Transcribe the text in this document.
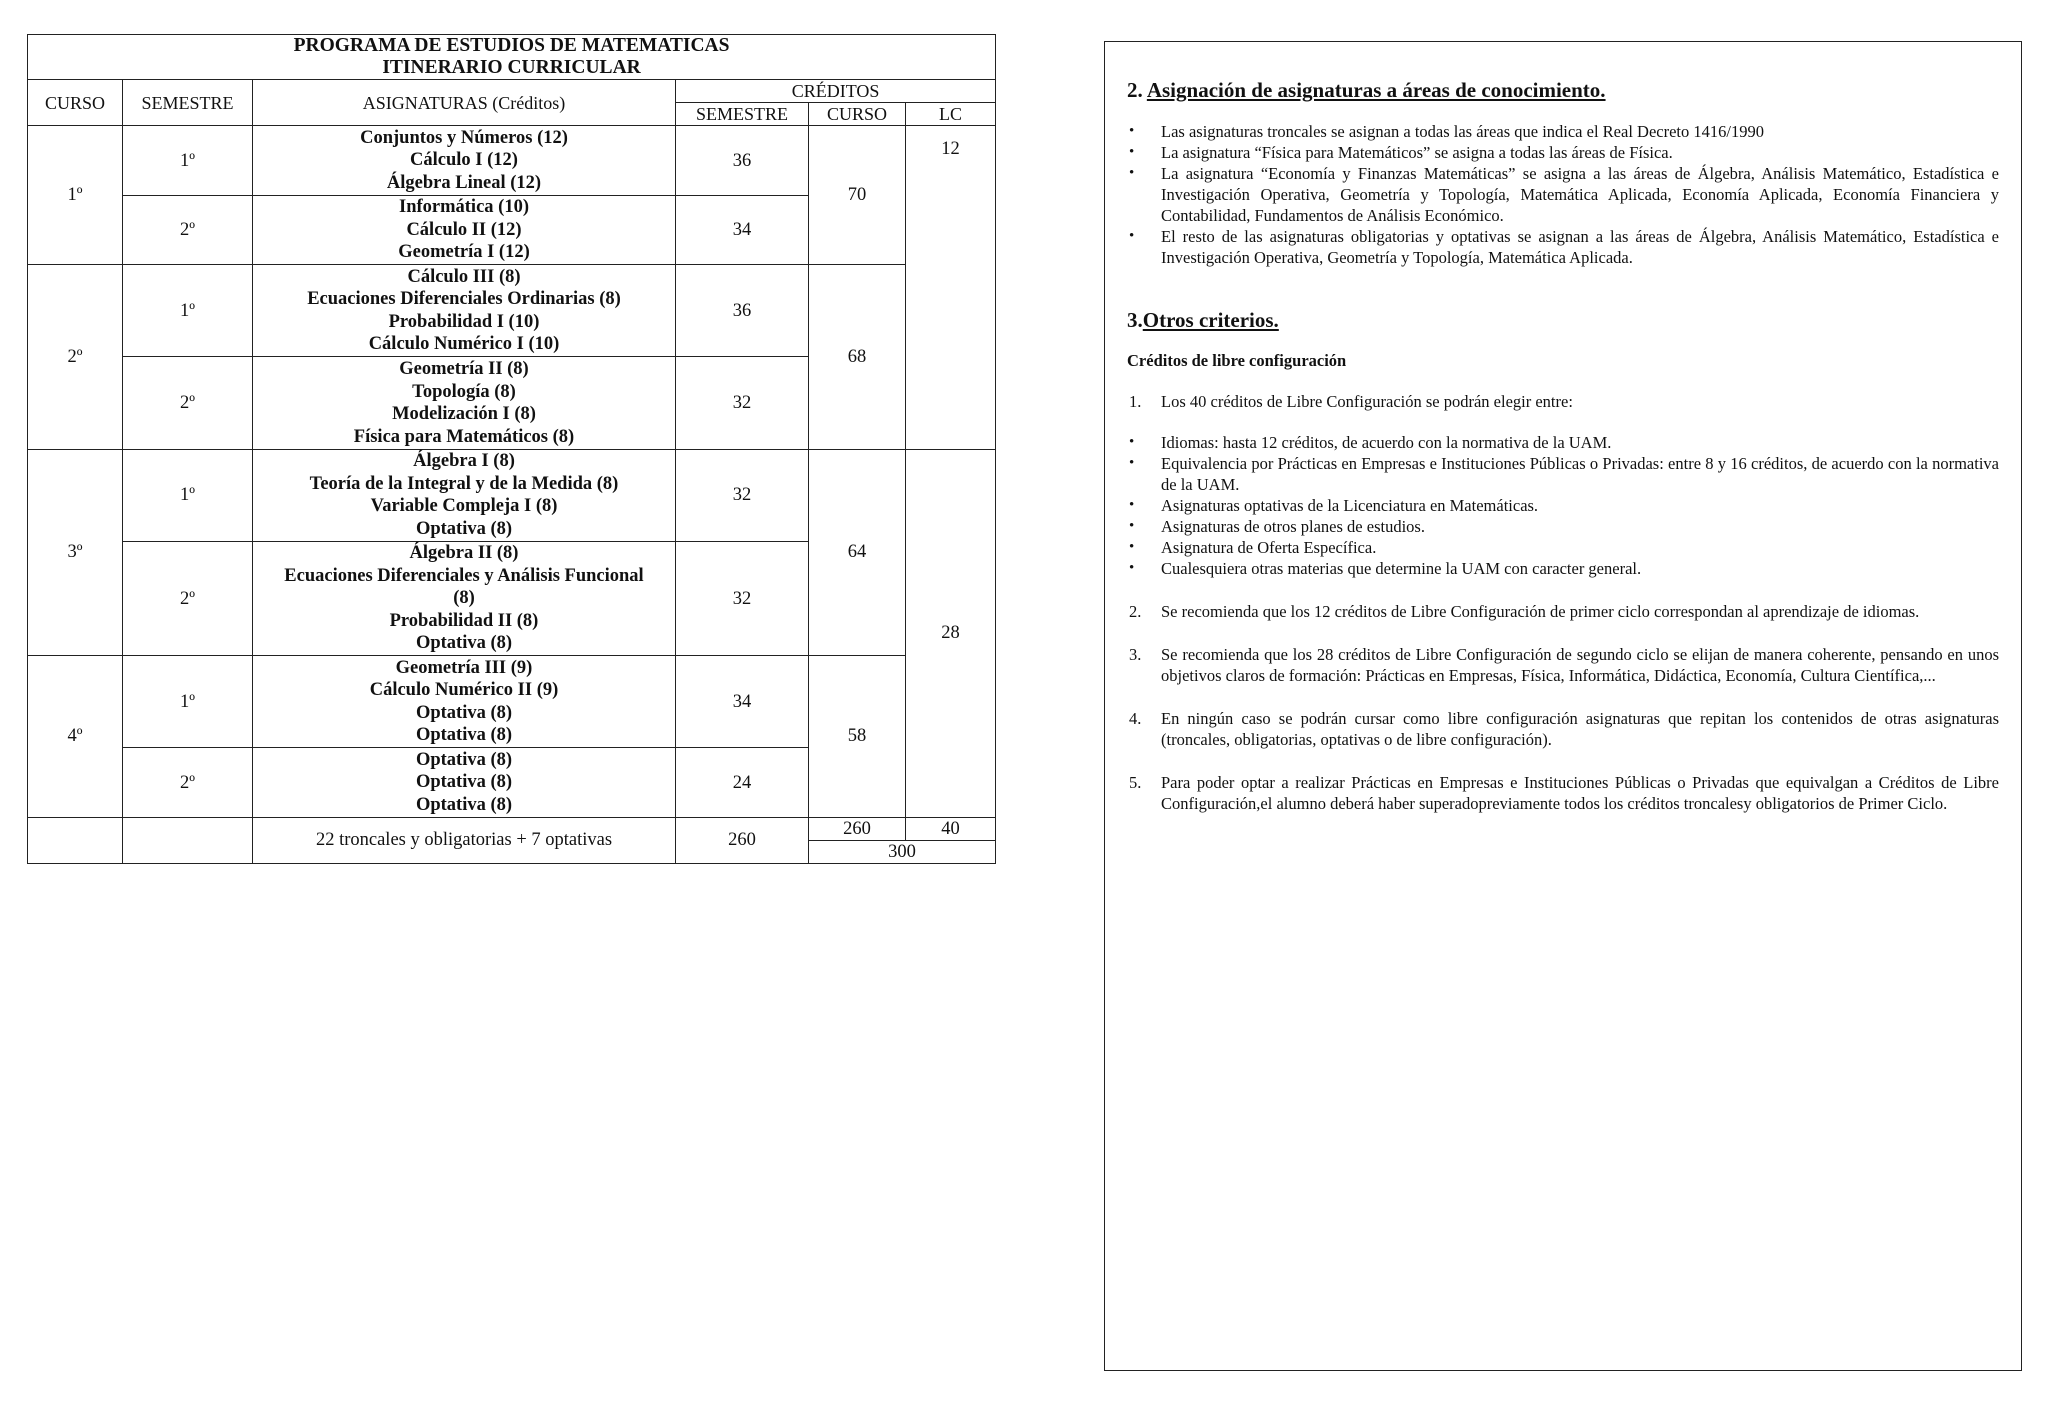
PROGRAMA DE ESTUDIOS DE MATEMATICAS
ITINERARIO CURRICULAR					

CURSO	SEMESTRE	ASIGNATURAS (Créditos)	CRÉDITOS		
			SEMESTRE	CURSO	LC
1º	1º	Conjuntos y Números (12)
Cálculo I (12)
Álgebra Lineal (12)	36	70	12
	2º	Informática (10)
Cálculo II (12)
Geometría I (12)	34		
2º	1º	Cálculo III (8)
Ecuaciones Diferenciales Ordinarias (8)
Probabilidad I (10)
Cálculo Numérico I (10)	36	68	
	2º	Geometría II (8)
Topología (8)
Modelización I (8)
Física para Matemáticos (8)	32		
3º	1º	Álgebra I (8)
Teoría de la Integral y de la Medida (8)
Variable Compleja I (8)
Optativa (8)	32	64	28
	2º	Álgebra II (8)
Ecuaciones Diferenciales y Análisis Funcional
(8)
Probabilidad II (8)
Optativa (8)	32		
4º	1º	Geometría III (9)
Cálculo Numérico II (9)
Optativa (8)
Optativa (8)	34	58	
	2º	Optativa (8)
Optativa (8)
Optativa (8)	24		
		22 troncales y obligatorias + 7 optativas	260	260	40
				300	
2. Asignación de asignaturas a áreas de conocimiento.
• Las asignaturas troncales se asignan a todas las áreas que indica el Real Decreto 1416/1990
• La asignatura “Física para Matemáticos” se asigna a todas las áreas de Física.
• La asignatura “Economía y Finanzas Matemáticas” se asigna a las áreas de Álgebra, Análisis Matemático, Estadística e Investigación Operativa, Geometría y Topología, Matemática Aplicada, Economía Aplicada, Economía Financiera y Contabilidad, Fundamentos de Análisis Económico.
• El resto de las asignaturas obligatorias y optativas se asignan a las áreas de Álgebra, Análisis Matemático, Estadística e Investigación Operativa, Geometría y Topología, Matemática Aplicada.
3.Otros criterios.

Créditos de libre configuración

1. Los 40 créditos de Libre Configuración se podrán elegir entre:
• Idiomas: hasta 12 créditos, de acuerdo con la normativa de la UAM.
• Equivalencia por Prácticas en Empresas e Instituciones Públicas o Privadas: entre 8 y 16 créditos, de acuerdo con la normativa de la UAM.
• Asignaturas optativas de la Licenciatura en Matemáticas.
• Asignaturas de otros planes de estudios.
• Asignatura de Oferta Específica.
• Cualesquiera otras materias que determine la UAM con caracter general.
2. Se recomienda que los 12 créditos de Libre Configuración de primer ciclo correspondan al aprendizaje de idiomas.
3. Se recomienda que los 28 créditos de Libre Configuración de segundo ciclo se elijan de manera coherente, pensando en unos objetivos claros de formación: Prácticas en Empresas, Física, Informática, Didáctica, Economía, Cultura Científica,...
4. En ningún caso se podrán cursar como libre configuración asignaturas que repitan los contenidos de otras asignaturas (troncales, obligatorias, optativas o de libre configuración).
5. Para poder optar a realizar Prácticas en Empresas e Instituciones Públicas o Privadas que equivalgan a Créditos de Libre Configuración,el alumno deberá haber superadopreviamente todos los créditos troncalesy obligatorios de Primer Ciclo.
